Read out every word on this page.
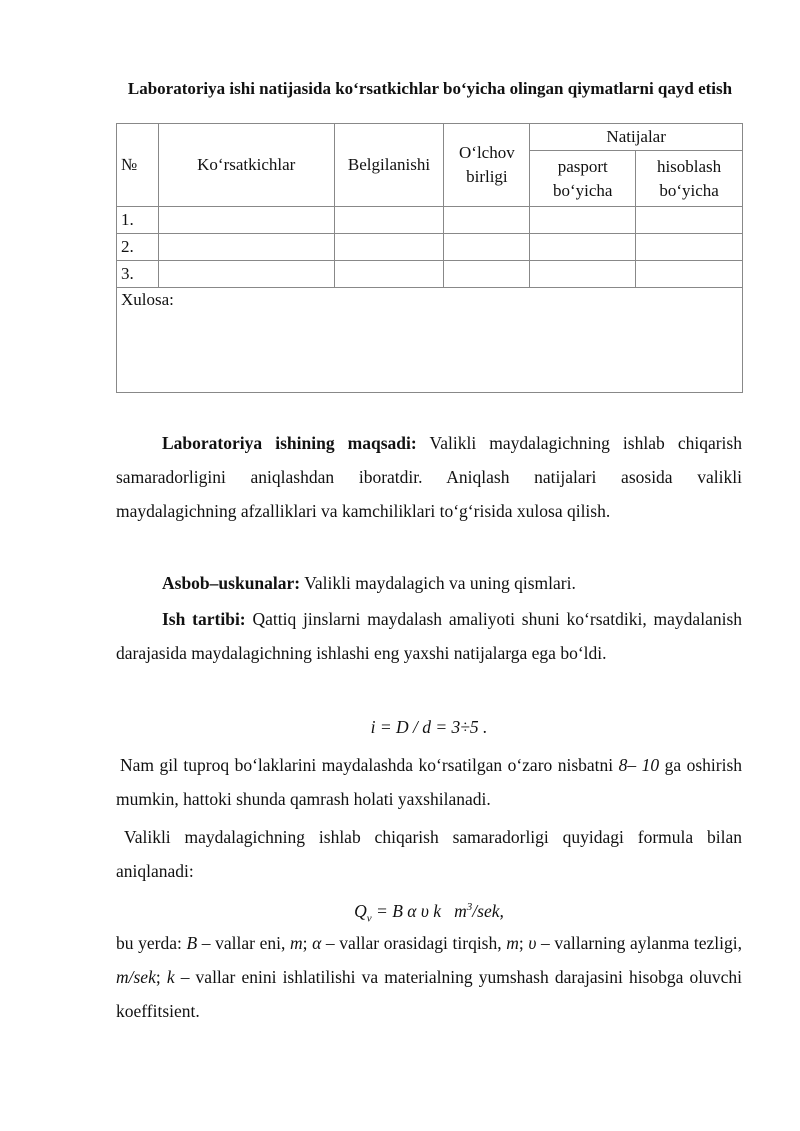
Laboratoriya ishi natijasida ko‘rsatkichlar bo‘yicha olingan qiymatlarni qayd etish
№	Ko‘rsatkichlar	Belgilanishi	O‘lchov birligi	Natijalar	
				pasport bo‘yicha	hisoblash bo‘yicha
1.					
2.					
3.					
Xulosa:					
Laboratoriya ishining maqsadi: Valikli maydalagichning ishlab chiqarish samaradorligini aniqlashdan iboratdir. Aniqlash natijalari asosida valikli maydalagichning afzalliklari va kamchiliklari to‘g‘risida xulosa qilish.
Asbob–uskunalar: Valikli maydalagich va uning qismlari.
Ish tartibi: Qattiq jinslarni maydalash amaliyoti shuni ko‘rsatdiki, maydalanish darajasida maydalagichning ishlashi eng yaxshi natijalarga ega bo‘ldi.
i = D / d = 3÷5 .
Nam gil tuproq bo‘laklarini maydalashda ko‘rsatilgan o‘zaro nisbatni 8– 10 ga oshirish mumkin, hattoki shunda qamrash holati yaxshilanadi.
Valikli maydalagichning ishlab chiqarish samaradorligi quyidagi formula bilan aniqlanadi:
$Q_v = B$ α υ k   $m^3$/sek,
bu yerda: B – vallar eni, m; α – vallar orasidagi tirqish, m; υ – vallarning aylanma tezligi, m/sek; k – vallar enini ishlatilishi va materialning yumshash darajasini hisobga oluvchi koeffitsient.
